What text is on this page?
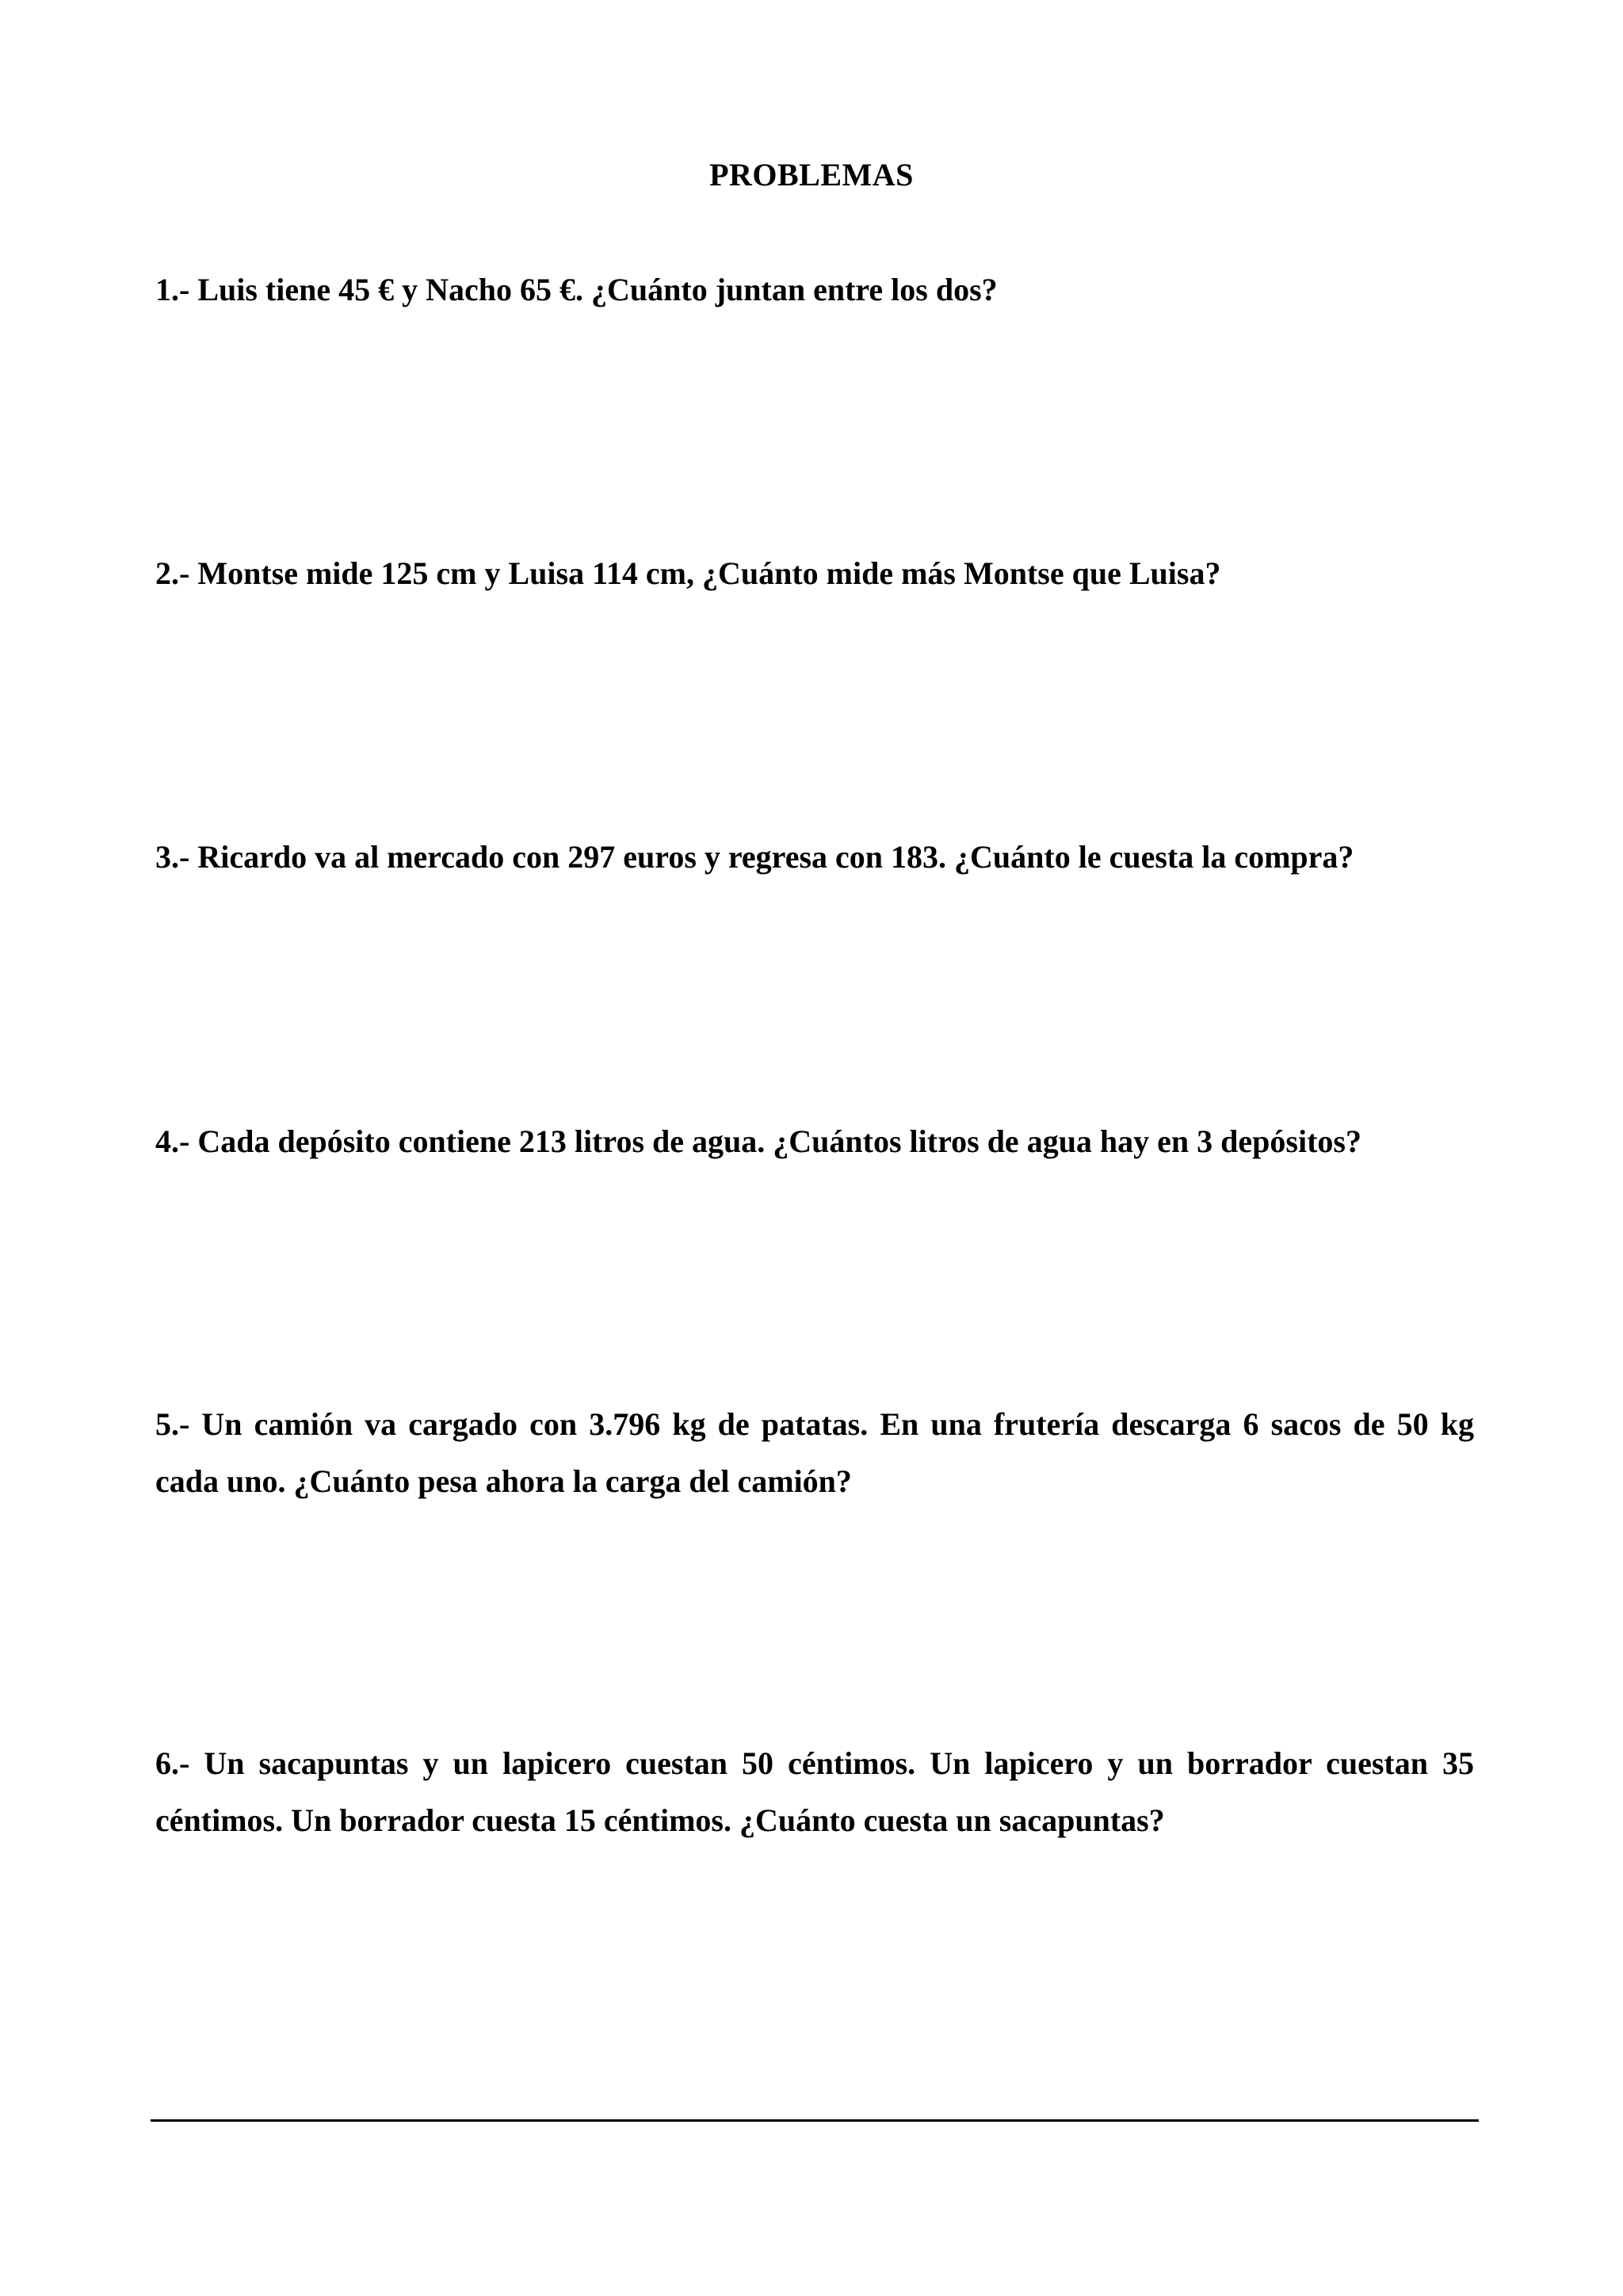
PROBLEMAS
1.- Luis tiene 45 € y Nacho 65 €. ¿Cuánto juntan entre los dos?
2.- Montse mide 125 cm y Luisa 114 cm, ¿Cuánto mide más Montse que Luisa?
3.- Ricardo va al mercado con 297 euros y regresa con 183. ¿Cuánto le cuesta la compra?
4.- Cada depósito contiene 213 litros de agua. ¿Cuántos litros de agua hay en 3 depósitos?
5.- Un camión va cargado con 3.796 kg de patatas. En una frutería descarga 6 sacos de 50 kg
cada uno. ¿Cuánto pesa ahora la carga del camión?
6.- Un sacapuntas y un lapicero cuestan 50 céntimos. Un lapicero y un borrador cuestan 35
céntimos. Un borrador cuesta 15 céntimos. ¿Cuánto cuesta un sacapuntas?
